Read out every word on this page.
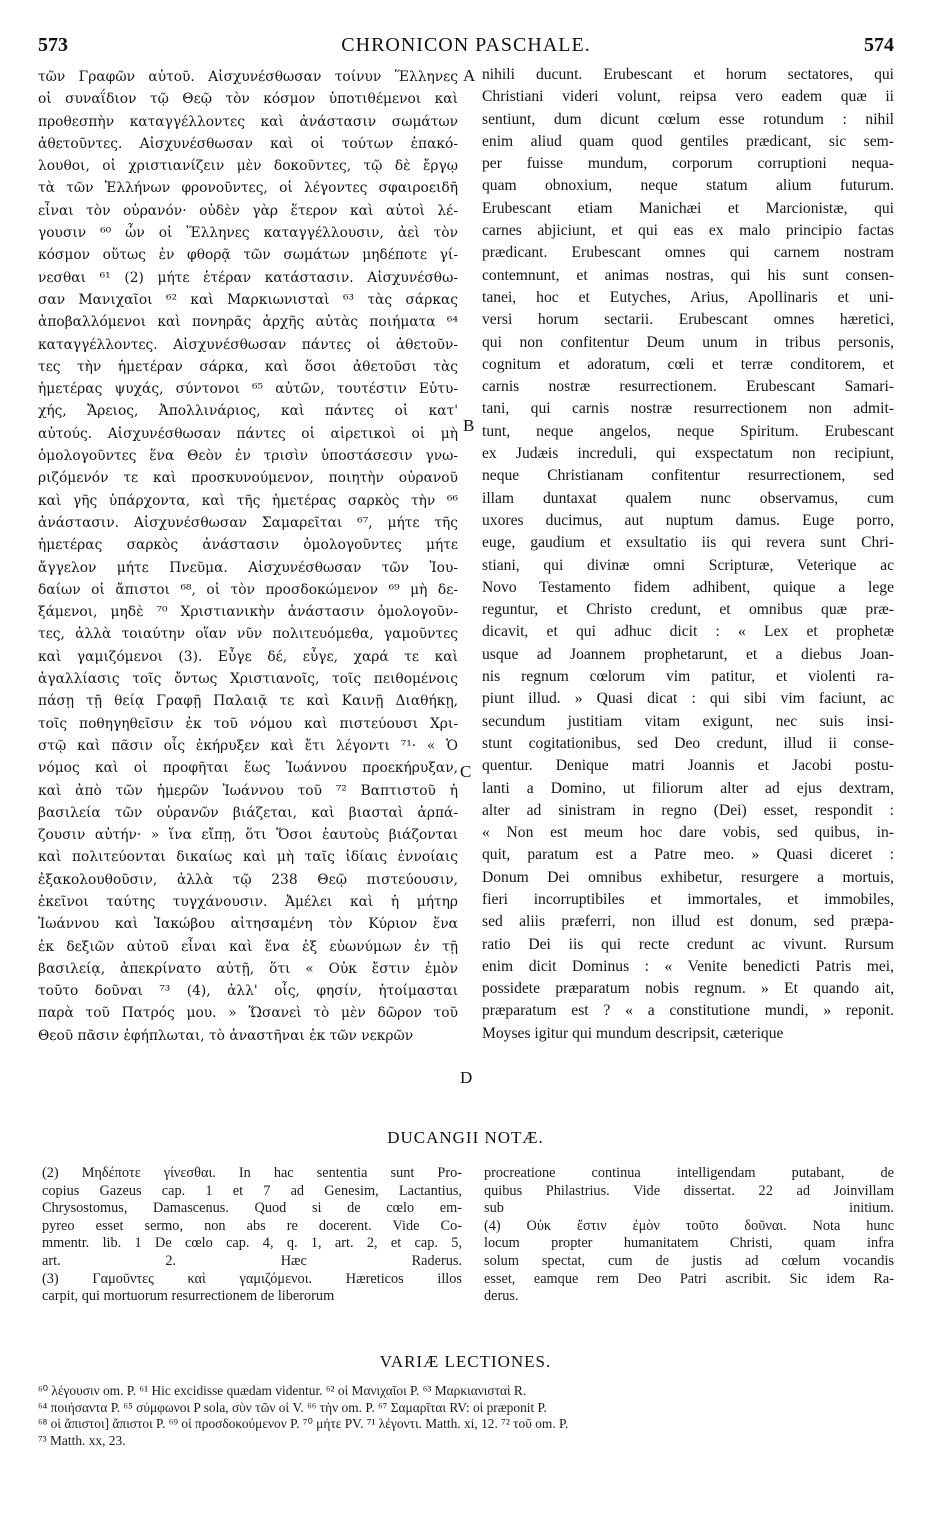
573	CHRONICON PASCHALE.	574
τῶν Γραφῶν αὐτοῦ. Αἰσχυνέσθωσαν τοίνυν Ἕλληνες
οἱ συναΐδιον τῷ Θεῷ τὸν κόσμον ὑποτιθέμενοι καὶ
προθεσπὴν καταγγέλλοντες καὶ ἀνάστασιν σωμάτων
ἀθετοῦντες. Αἰσχυνέσθωσαν καὶ οἱ τούτων ἐπακό-
λουθοι, οἱ χριστιανίζειν μὲν δοκοῦντες, τῷ δὲ ἔργῳ
τὰ τῶν Ἑλλήνων φρονοῦντες, οἱ λέγοντες σφαιροειδῆ
εἶναι τὸν οὐρανόν· οὐδὲν γὰρ ἕτερον καὶ αὐτοὶ λέ-
γουσιν ⁶⁰ ὧν οἱ Ἕλληνες καταγγέλλουσιν, ἀεὶ τὸν
κόσμον οὕτως ἐν φθορᾷ τῶν σωμάτων μηδέποτε γί-
νεσθαι ⁶¹ (2) μήτε ἑτέραν κατάστασιν. Αἰσχυνέσθω-
σαν Μανιχαῖοι ⁶² καὶ Μαρκιωνισταὶ ⁶³ τὰς σάρκας
ἀποβαλλόμενοι καὶ πονηρᾶς ἀρχῆς αὐτὰς ποιήματα ⁶⁴
καταγγέλλοντες. Αἰσχυνέσθωσαν πάντες οἱ ἀθετοῦν-
τες τὴν ἡμετέραν σάρκα, καὶ ὅσοι ἀθετοῦσι τὰς
ἡμετέρας ψυχάς, σύντονοι ⁶⁵ αὐτῶν, τουτέστιν Εὐτυ-
χής, Ἄρειος, Ἀπολλινάριος, καὶ πάντες οἱ κατ'
αὐτούς. Αἰσχυνέσθωσαν πάντες οἱ αἱρετικοὶ οἱ μὴ
ὁμολογοῦντες ἕνα Θεὸν ἐν τρισὶν ὑποστάσεσιν γνω-
ριζόμενόν τε καὶ προσκυνούμενον, ποιητὴν οὐρανοῦ
καὶ γῆς ὑπάρχοντα, καὶ τῆς ἡμετέρας σαρκὸς τὴν ⁶⁶
ἀνάστασιν. Αἰσχυνέσθωσαν Σαμαρεῖται ⁶⁷, μήτε τῆς
ἡμετέρας σαρκὸς ἀνάστασιν ὁμολογοῦντες μήτε
ἄγγελον μήτε Πνεῦμα. Αἰσχυνέσθωσαν τῶν Ἰου-
δαίων οἱ ἄπιστοι ⁶⁸, οἱ τὸν προσδοκώμενον ⁶⁹ μὴ δε-
ξάμενοι, μηδὲ ⁷⁰ Χριστιανικὴν ἀνάστασιν ὁμολογοῦν-
τες, ἀλλὰ τοιαύτην οἵαν νῦν πολιτευόμεθα, γαμοῦντες
καὶ γαμιζόμενοι (3). Εὖγε δέ, εὖγε, χαρά τε καὶ
ἀγαλλίασις τοῖς ὄντως Χριστιανοῖς, τοῖς πειθομένοις
πάσῃ τῇ θείᾳ Γραφῇ Παλαιᾷ τε καὶ Καινῇ Διαθήκῃ,
τοῖς ποθηγηθεῖσιν ἐκ τοῦ νόμου καὶ πιστεύουσι Χρι-
στῷ καὶ πᾶσιν οἷς ἐκήρυξεν καὶ ἔτι λέγοντι ⁷¹· « Ὁ
νόμος καὶ οἱ προφῆται ἕως Ἰωάννου προεκήρυξαν,
καὶ ἀπὸ τῶν ἡμερῶν Ἰωάννου τοῦ ⁷² Βαπτιστοῦ ἡ
βασιλεία τῶν οὐρανῶν βιάζεται, καὶ βιασταὶ ἁρπά-
ζουσιν αὐτήν· » ἵνα εἴπῃ, ὅτι Ὅσοι ἑαυτοὺς βιάζονται
καὶ πολιτεύονται δικαίως καὶ μὴ ταῖς ἰδίαις ἐννοίαις
ἐξακολουθοῦσιν, ἀλλὰ τῷ 238 Θεῷ πιστεύουσιν,
ἐκεῖνοι ταύτης τυγχάνουσιν. Ἀμέλει καὶ ἡ μήτηρ
Ἰωάννου καὶ Ἰακώβου αἰτησαμένη τὸν Κύριον ἕνα
ἐκ δεξιῶν αὐτοῦ εἶναι καὶ ἕνα ἐξ εὐωνύμων ἐν τῇ
βασιλείᾳ, ἀπεκρίνατο αὐτῇ, ὅτι « Οὐκ ἔστιν ἐμὸν
τοῦτο δοῦναι ⁷³ (4), ἀλλ' οἷς, φησίν, ἡτοίμασται
παρὰ τοῦ Πατρός μου. » Ὥσανεὶ τὸ μὲν δῶρον τοῦ
Θεοῦ πᾶσιν ἐφήπλωται, τὸ ἀναστῆναι ἐκ τῶν νεκρῶν
nihili ducunt. Erubescant et horum sectatores, qui
Christiani videri volunt, reipsa vero eadem quæ ii
sentiunt, dum dicunt cœlum esse rotundum : nihil
enim aliud quam quod gentiles prædicant, sic sem-
per fuisse mundum, corporum corruptioni nequa-
quam obnoxium, neque statum alium futurum.
Erubescant etiam Manichæi et Marcionistæ, qui
carnes abjiciunt, et qui eas ex malo principio factas
prædicant. Erubescant omnes qui carnem nostram
contemnunt, et animas nostras, qui his sunt consen-
tanei, hoc et Eutyches, Arius, Apollinaris et uni-
versi horum sectarii. Erubescant omnes hæretici,
qui non confitentur Deum unum in tribus personis,
cognitum et adoratum, cœli et terræ conditorem, et
carnis nostræ resurrectionem. Erubescant Samari-
tani, qui carnis nostræ resurrectionem non admit-
tunt, neque angelos, neque Spiritum. Erubescant
ex Judæis increduli, qui exspectatum non recipiunt,
neque Christianam confitentur resurrectionem, sed
illam duntaxat qualem nunc observamus, cum
uxores ducimus, aut nuptum damus. Euge porro,
euge, gaudium et exsultatio iis qui revera sunt Chri-
stiani, qui divinæ omni Scripturæ, Veterique ac
Novo Testamento fidem adhibent, quique a lege
reguntur, et Christo credunt, et omnibus quæ præ-
dicavit, et qui adhuc dicit : « Lex et prophetæ
usque ad Joannem prophetarunt, et a diebus Joan-
nis regnum cœlorum vim patitur, et violenti ra-
piunt illud. » Quasi dicat : qui sibi vim faciunt, ac
secundum justitiam vitam exigunt, nec suis insi-
stunt cogitationibus, sed Deo credunt, illud ii conse-
quentur. Denique matri Joannis et Jacobi postu-
lanti a Domino, ut filiorum alter ad ejus dextram,
alter ad sinistram in regno (Dei) esset, respondit :
« Non est meum hoc dare vobis, sed quibus, in-
quit, paratum est a Patre meo. » Quasi diceret :
Donum Dei omnibus exhibetur, resurgere a mortuis,
fieri incorruptibiles et immortales, et immobiles,
sed aliis præferri, non illud est donum, sed præpa-
ratio Dei iis qui recte credunt ac vivunt. Rursum
enim dicit Dominus : « Venite benedicti Patris mei,
possidete præparatum nobis regnum. » Et quando ait,
præparatum est ? « a constitutione mundi, » reponit.
Moyses igitur qui mundum descripsit, cæterique
A
B
C
D
DUCANGII NOTÆ.
(2) Μηδέποτε γίνεσθαι. In hac sententia sunt Pro-
copius Gazeus cap. 1 et 7 ad Genesim, Lactantius,
Chrysostomus, Damascenus. Quod si de cœlo em-
pyreo esset sermo, non abs re docerent. Vide Co-
mmentr. lib. 1 De cœlo cap. 4, q. 1, art. 2, et cap. 5,
art. 2. Hæc Raderus.
(3) Γαμοῦντες καὶ γαμιζόμενοι. Hæreticos illos
carpit, qui mortuorum resurrectionem de liberorum
procreatione continua intelligendam putabant, de
quibus Philastrius. Vide dissertat. 22 ad Joinvillam
sub initium.
(4) Οὐκ ἔστιν ἐμὸν τοῦτο δοῦναι. Nota hunc
locum propter humanitatem Christi, quam infra
solum spectat, cum de justis ad cœlum vocandis
esset, eamque rem Deo Patri ascribit. Sic idem Ra-
derus.
VARIÆ LECTIONES.
⁶⁰ λέγουσιν om. P. ⁶¹ Hic excidisse quædam videntur. ⁶² οἱ Μανιχαῖοι P. ⁶³ Μαρκιανισταὶ R.
⁶⁴ ποιήσαντα P. ⁶⁵ σύμφωνοι P sola, σὺν τῶν οἱ V. ⁶⁶ τὴν om. P. ⁶⁷ Σαμαρῖται RV: οἱ præponit P.
⁶⁸ οἱ ἄπιστοι] ἄπιστοι P. ⁶⁹ οἱ προσδοκούμενον P. ⁷⁰ μήτε PV. ⁷¹ λέγοντι. Matth. xi, 12. ⁷² τοῦ om. P.
⁷³ Matth. xx, 23.
